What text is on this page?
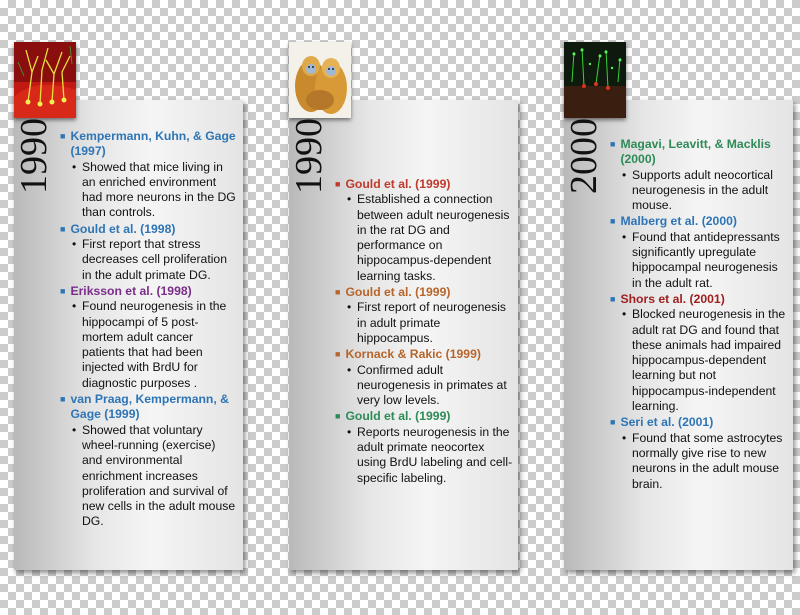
1990 ■ Kempermann, Kuhn, & Gage (1997)
• Showed that mice living in an enriched environment had more neurons in the DG than controls.
■ Gould et al. (1998)
• First report that stress decreases cell proliferation in the adult primate DG.
■ Eriksson et al. (1998)
• Found neurogenesis in the hippocampi of 5 post-mortem adult cancer patients that had been injected with BrdU for diagnostic purposes .
■ van Praag, Kempermann, & Gage (1999)
• Showed that voluntary wheel-running (exercise) and environmental enrichment increases proliferation and survival of new cells in the adult mouse DG.
1990 ■ Gould et al. (1999)
• Established a connection between adult neurogenesis in the rat DG and performance on hippocampus-dependent learning tasks.
■ Gould et al. (1999)
• First report of neurogenesis in adult primate hippocampus.
■ Kornack & Rakic (1999)
• Confirmed adult neurogenesis in primates at very low levels.
■ Gould et al. (1999)
• Reports neurogenesis in the adult primate neocortex using BrdU labeling and cell-specific labeling.
2000 ■ Magavi, Leavitt, & Macklis (2000)
• Supports adult neocortical neurogenesis in the adult mouse.
■ Malberg et al. (2000)
• Found that antidepressants significantly upregulate hippocampal neurogenesis in the adult rat.
■ Shors et al. (2001)
• Blocked neurogenesis in the adult rat DG and found that these animals had impaired hippocampus-dependent learning but not hippocampus-independent learning.
■ Seri et al. (2001)
• Found that some astrocytes normally give rise to new neurons in the adult mouse brain.
